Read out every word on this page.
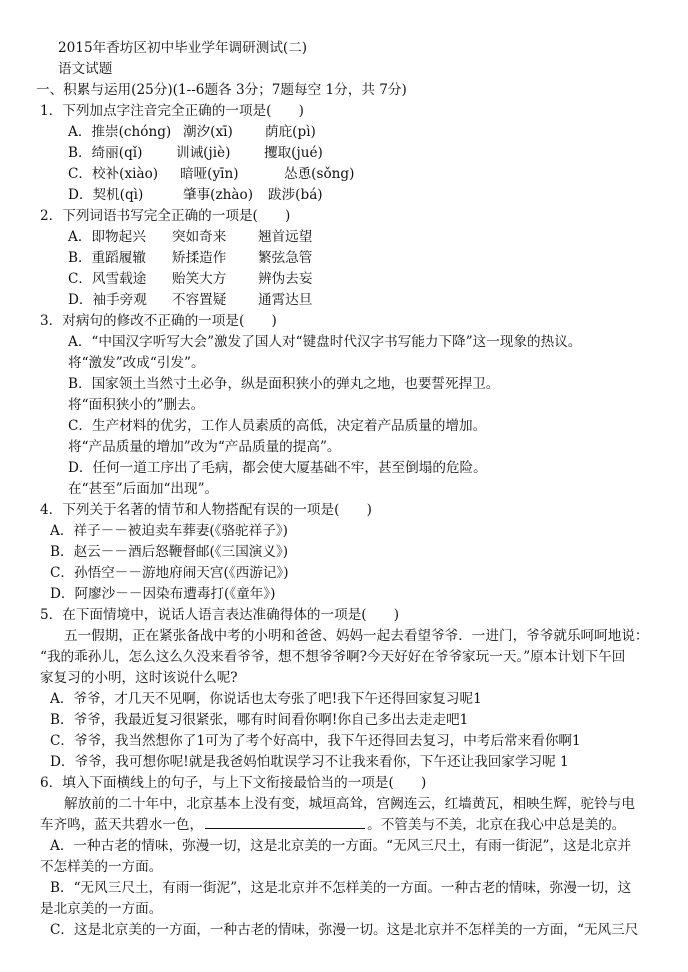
2015年香坊区初中毕业学年调研测试(二)
语文试题
一、积累与运用(25分)(1--6题各 3分；7题每空 1分，共 7分)
1．下列加点字注音完全正确的一项是(　　)
A．推崇(chóng) 潮汐(xī)	荫庇(pì)
B．绮丽(qǐ)	训诫(jiè)	攫取(jué)
C．校补(xiào)	暗哑(yīn)	怂恿(sǒng)
D．契机(qì)	肇事(zhào)	跋涉(bá)
2．下列词语书写完全正确的一项是(　　)
A．即物起兴	突如奇来	翘首远望
B．重蹈履辙	矫揉造作	繁弦急管
C．风雪载途	贻笑大方	辨伪去妄
D．袖手旁观	不容置疑	通霄达旦
3．对病句的修改不正确的一项是(　　)
A．“中国汉字听写大会”激发了国人对“键盘时代汉字书写能力下降”这一现象的热议。
将“激发”改成“引发”。
B．国家领土当然寸土必争，纵是面积狭小的弹丸之地，也要誓死捍卫。
将“面积狭小的”删去。
C．生产材料的优劣，工作人员素质的高低，决定着产品质量的增加。
将“产品质量的增加”改为“产品质量的提高”。
D．任何一道工序出了毛病，都会使大厦基础不牢，甚至倒塌的危险。
在“甚至”后面加“出现”。
4．下列关于名著的情节和人物搭配有误的一项是(　　)
A．祥子－－被迫卖车葬妻(《骆驼祥子》)
B．赵云－－酒后怒鞭督邮(《三国演义》)
C．孙悟空－－游地府闹天宫(《西游记》)
D．阿廖沙－－因染布遭毒打(《童年》)
5．在下面情境中，说话人语言表达准确得体的一项是(　　)
五一假期，正在紧张备战中考的小明和爸爸、妈妈一起去看望爷爷．一进门，爷爷就乐呵呵地说：
“我的乖孙儿，怎么这么久没来看爷爷，想不想爷爷啊?今天好好在爷爷家玩一天。”原本计划下午回
家复习的小明，这时该说什么呢?
A．爷爷，才几天不见啊，你说话也太夸张了吧!我下午还得回家复习呢1
B．爷爷，我最近复习很紧张，哪有时间看你啊!你自己多出去走走吧1
C．爷爷，我当然想你了1可为了考个好高中，我下午还得回去复习，中考后常来看你啊1
D．爷爷，我可想你呢!就是我爸妈怕耽误学习不让我来看你，下午还让我回家学习呢 1
6．填入下面横线上的句子，与上下文衔接最恰当的一项是(　　)
解放前的二十年中，北京基本上没有变，城垣高耸，宫阙连云，红墙黄瓦，相映生辉，驼铃与电
车齐鸣，蓝天共碧水一色，	。不管美与不美，北京在我心中总是美的。
A．一种古老的情味，弥漫一切，这是北京美的一方面。“无风三尺土，有雨一街泥”，这是北京并
不怎样美的一方面。
B．“无风三尺土，有雨一街泥”，这是北京并不怎样美的一方面。一种古老的情味，弥漫一切，这
是北京美的一方面。
C．这是北京美的一方面，一种古老的情味，弥漫一切。这是北京并不怎样美的一方面，“无风三尺
